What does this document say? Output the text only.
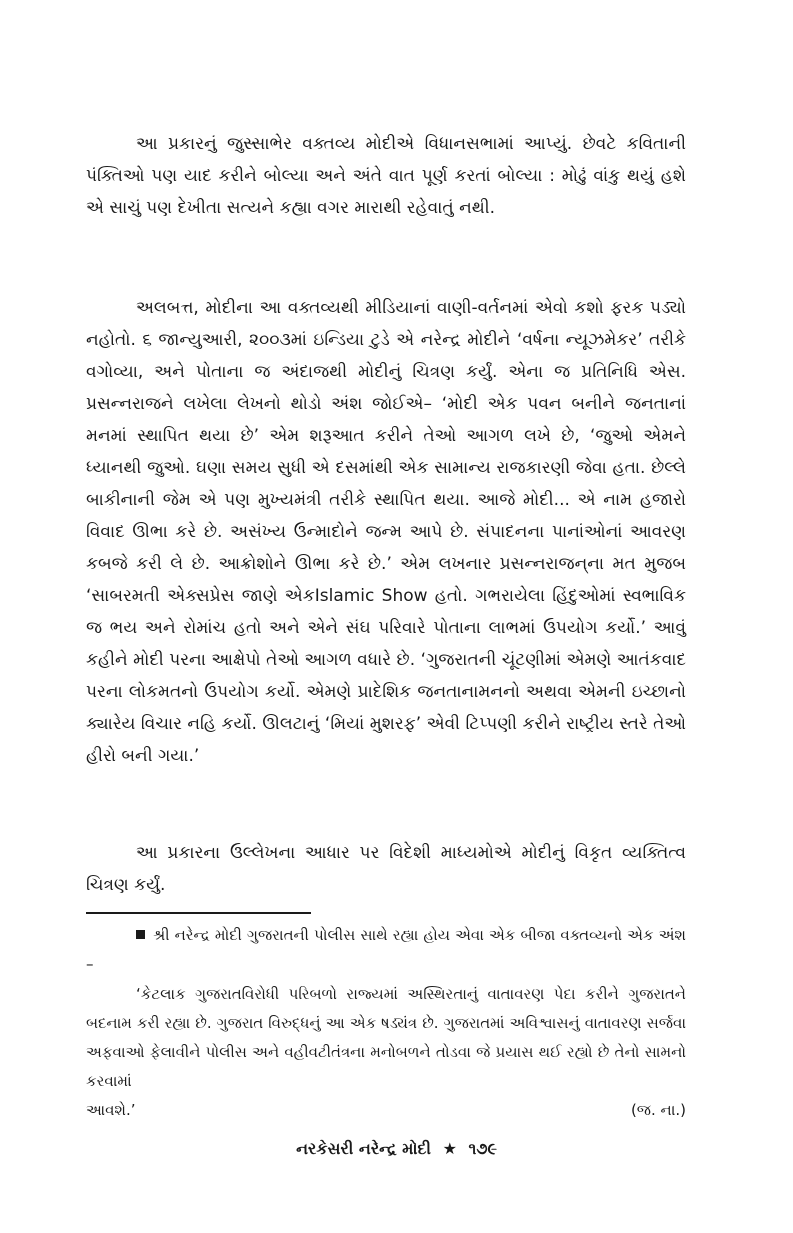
આ પ્રકારનું જુસ્સાભેર વક્તવ્ય મોદીએ વિધાનસભામાં આપ્યું. છેવટે કવિતાની પંક્તિઓ પણ યાદ કરીને બોલ્યા અને અંતે વાત પૂર્ણ કરતાં બોલ્યા : મોઢું વાંકુ થયું હશે એ સાચું પણ દેખીતા સત્યને કહ્યા વગર મારાથી રહેવાતું નથી.

અલબત્ત, મોદીના આ વક્તવ્યથી મીડિયાનાં વાણી-વર્તનમાં એવો કશો ફરક પડ્યો નહોતો. ૬ જાન્યુઆરી, ૨૦૦૩માં ઇન્ડિયા ટુડે એ નરેન્દ્ર મોદીને ‘વર્ષના ન્યૂઝમેકર’ તરીકે વગોવ્યા, અને પોતાના જ અંદાજથી મોદીનું ચિત્રણ કર્યું. એના જ પ્રતિનિધિ એસ. પ્રસન્નરાજને લખેલા લેખનો થોડો અંશ જોઈએ– ‘મોદી એક પવન બનીને જનતાનાં મનમાં સ્થાપિત થયા છે’ એમ શરૂઆત કરીને તેઓ આગળ લખે છે, ‘જુઓ એમને ધ્યાનથી જુઓ. ઘણા સમય સુધી એ દસમાંથી એક સામાન્ય રાજકારણી જેવા હતા. છેલ્લે બાકીનાની જેમ એ પણ મુખ્યમંત્રી તરીકે સ્થાપિત થયા. આજે મોદી... એ નામ હજારો વિવાદ ઊભા કરે છે. અસંખ્ય ઉન્માદોને જન્મ આપે છે. સંપાદનના પાનાંઓનાં આવરણ કબજે કરી લે છે. આક્રોશોને ઊભા કરે છે.’ એમ લખનાર પ્રસન્નરાજન્‌ના મત મુજબ ‘સાબરમતી એક્સપ્રેસ જાણે એકIslamic Show હતો. ગભરાયેલા હિંદુઓમાં સ્વભાવિક જ ભય અને રોમાંચ હતો અને એને સંઘ પરિવારે પોતાના લાભમાં ઉપયોગ કર્યો.’ આવું કહીને મોદી પરના આક્ષેપો તેઓ આગળ વધારે છે. ‘ગુજરાતની ચૂંટણીમાં એમણે આતંકવાદ પરના લોકમતનો ઉપયોગ કર્યો. એમણે પ્રાદેશિક જનતાનામનનો અથવા એમની ઇચ્છાનો ક્યારેય વિચાર નહિ કર્યો. ઊલટાનું ‘મિયાં મુશરફ’ એવી ટિપ્પણી કરીને રાષ્ટ્રીય સ્તરે તેઓ હીરો બની ગયા.’

આ પ્રકારના ઉલ્લેખના આધાર પર વિદેશી માધ્યમોએ મોદીનું વિકૃત વ્યક્તિત્વ ચિત્રણ કર્યું.

શ્રી નરેન્દ્ર મોદી ગુજરાતની પોલીસ સાથે રહ્યા હોય એવા એક બીજા વક્તવ્યનો એક અંશ –

‘કેટલાક ગુજરાતવિરોધી પરિબળો રાજ્યમાં અસ્થિરતાનું વાતાવરણ પેદા કરીને ગુજરાતને બદનામ કરી રહ્યા છે. ગુજરાત વિરુદ્ધનું આ એક ષડ્યંત્ર છે. ગુજરાતમાં અવિશ્વાસનું વાતાવરણ સર્જવા અફવાઓ ફેલાવીને પોલીસ અને વહીવટીતંત્રના મનોબળને તોડવા જે પ્રયાસ થઈ રહ્યો છે તેનો સામનો કરવામાં

આવશે.’	(જ. ના.)
નરકેસરી નરેન્દ્ર મોદી ★ ૧૭૯
